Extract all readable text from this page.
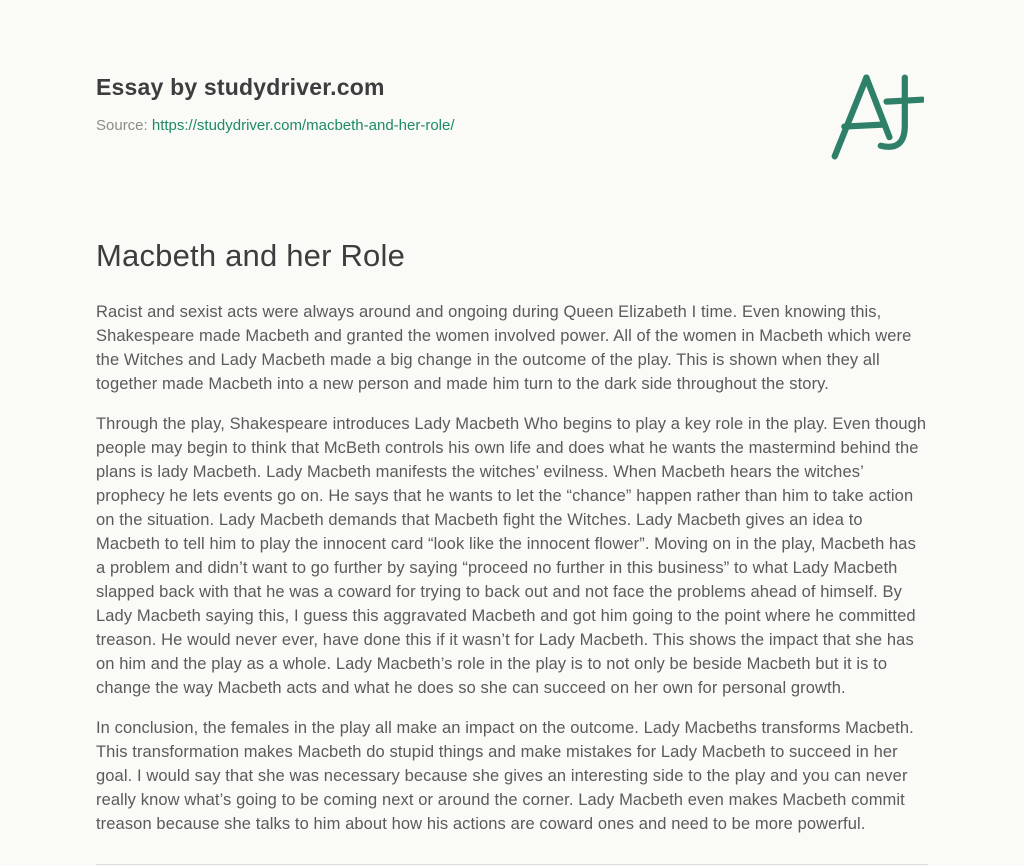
Essay by studydriver.com
Source: https://studydriver.com/macbeth-and-her-role/
Macbeth and her Role

Racist and sexist acts were always around and ongoing during Queen Elizabeth I time. Even knowing this, Shakespeare made Macbeth and granted the women involved power. All of the women in Macbeth which were the Witches and Lady Macbeth made a big change in the outcome of the play. This is shown when they all together made Macbeth into a new person and made him turn to the dark side throughout the story.

Through the play, Shakespeare introduces Lady Macbeth Who begins to play a key role in the play. Even though people may begin to think that McBeth controls his own life and does what he wants the mastermind behind the plans is lady Macbeth. Lady Macbeth manifests the witches’ evilness. When Macbeth hears the witches’ prophecy he lets events go on. He says that he wants to let the “chance” happen rather than him to take action on the situation. Lady Macbeth demands that Macbeth fight the Witches. Lady Macbeth gives an idea to Macbeth to tell him to play the innocent card “look like the innocent flower”. Moving on in the play, Macbeth has a problem and didn’t want to go further by saying “proceed no further in this business” to what Lady Macbeth slapped back with that he was a coward for trying to back out and not face the problems ahead of himself. By Lady Macbeth saying this, I guess this aggravated Macbeth and got him going to the point where he committed treason. He would never ever, have done this if it wasn’t for Lady Macbeth. This shows the impact that she has on him and the play as a whole. Lady Macbeth’s role in the play is to not only be beside Macbeth but it is to change the way Macbeth acts and what he does so she can succeed on her own for personal growth.

In conclusion, the females in the play all make an impact on the outcome. Lady Macbeths transforms Macbeth. This transformation makes Macbeth do stupid things and make mistakes for Lady Macbeth to succeed in her goal. I would say that she was necessary because she gives an interesting side to the play and you can never really know what’s going to be coming next or around the corner. Lady Macbeth even makes Macbeth commit treason because she talks to him about how his actions are coward ones and need to be more powerful.
